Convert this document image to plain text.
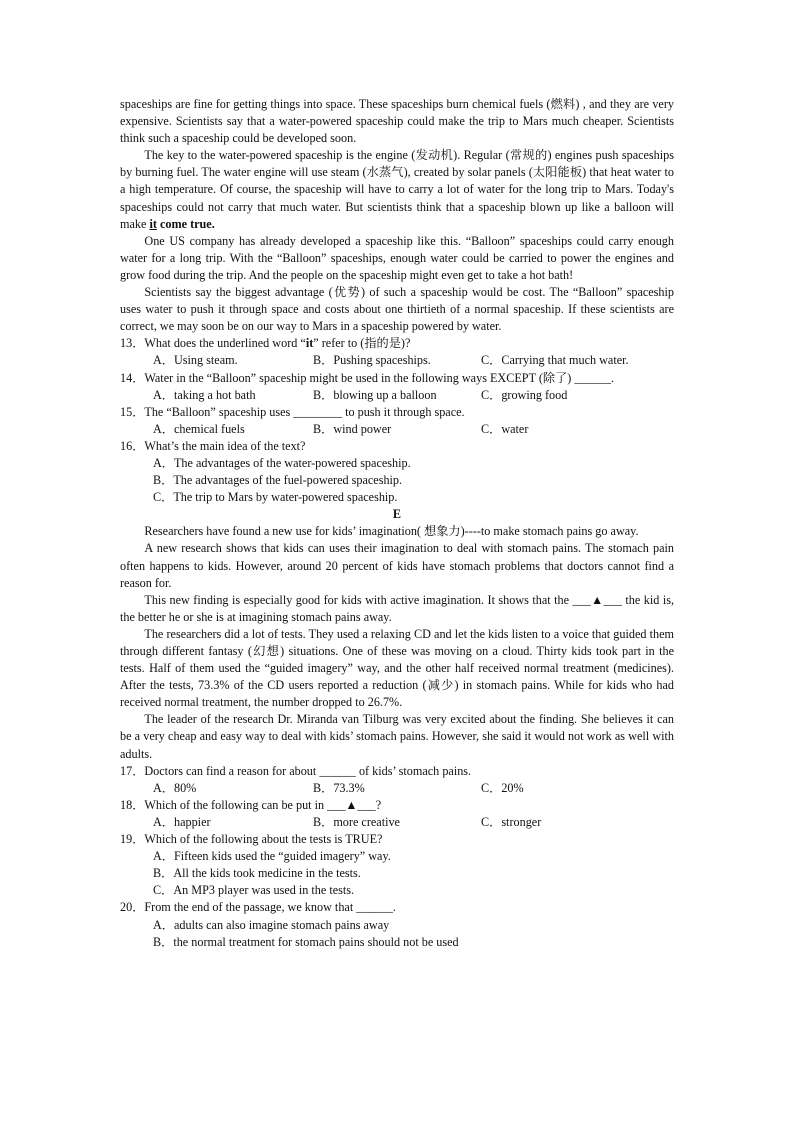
spaceships are fine for getting things into space. These spaceships burn chemical fuels (燃料) , and they are very expensive. Scientists say that a water-powered spaceship could make the trip to Mars much cheaper. Scientists think such a spaceship could be developed soon.

The key to the water-powered spaceship is the engine (发动机). Regular (常规的) engines push spaceships by burning fuel. The water engine will use steam (水蒸气), created by solar panels (太阳能板) that heat water to a high temperature. Of course, the spaceship will have to carry a lot of water for the long trip to Mars. Today's spaceships could not carry that much water. But scientists think that a spaceship blown up like a balloon will make it come true.

One US company has already developed a spaceship like this. “Balloon” spaceships could carry enough water for a long trip. With the “Balloon” spaceships, enough water could be carried to power the engines and grow food during the trip. And the people on the spaceship might even get to take a hot bath!

Scientists say the biggest advantage (优势) of such a spaceship would be cost. The “Balloon” spaceship uses water to push it through space and costs about one thirtieth of a normal spaceship. If these scientists are correct, we may soon be on our way to Mars in a spaceship powered by water.

13．What does the underlined word “it” refer to (指的是)?
A．Using steam.	B．Pushing spaceships.	C．Carrying that much water.
14．Water in the “Balloon” spaceship might be used in the following ways EXCEPT (除了) ______.
A．taking a hot bath	B．blowing up a balloon	C．growing food
15．The “Balloon” spaceship uses ________ to push it through space.
A．chemical fuels	B．wind power	C．water
16．What’s the main idea of the text?
A．The advantages of the water-powered spaceship.
B．The advantages of the fuel-powered spaceship.
C．The trip to Mars by water-powered spaceship.
E

Researchers have found a new use for kids’ imagination( 想象力)----to make stomach pains go away.

A new research shows that kids can uses their imagination to deal with stomach pains. The stomach pain often happens to kids. However, around 20 percent of kids have stomach problems that doctors cannot find a reason for.

This new finding is especially good for kids with active imagination. It shows that the ___▲___ the kid is, the better he or she is at imagining stomach pains away.

The researchers did a lot of tests. They used a relaxing CD and let the kids listen to a voice that guided them through different fantasy (幻想) situations. One of these was moving on a cloud. Thirty kids took part in the tests. Half of them used the “guided imagery” way, and the other half received normal treatment (medicines). After the tests, 73.3% of the CD users reported a reduction (减少) in stomach pains. While for kids who had received normal treatment, the number dropped to 26.7%.

The leader of the research Dr. Miranda van Tilburg was very excited about the finding. She believes it can be a very cheap and easy way to deal with kids’ stomach pains. However, she said it would not work as well with adults.

17．Doctors can find a reason for about ______ of kids’ stomach pains.
A．80%	B．73.3%	C．20%
18．Which of the following can be put in ___▲___?
A．happier	B．more creative	C．stronger
19．Which of the following about the tests is TRUE?
A．Fifteen kids used the “guided imagery” way.
B．All the kids took medicine in the tests.
C．An MP3 player was used in the tests.
20．From the end of the passage, we know that ______.
A．adults can also imagine stomach pains away
B．the normal treatment for stomach pains should not be used
